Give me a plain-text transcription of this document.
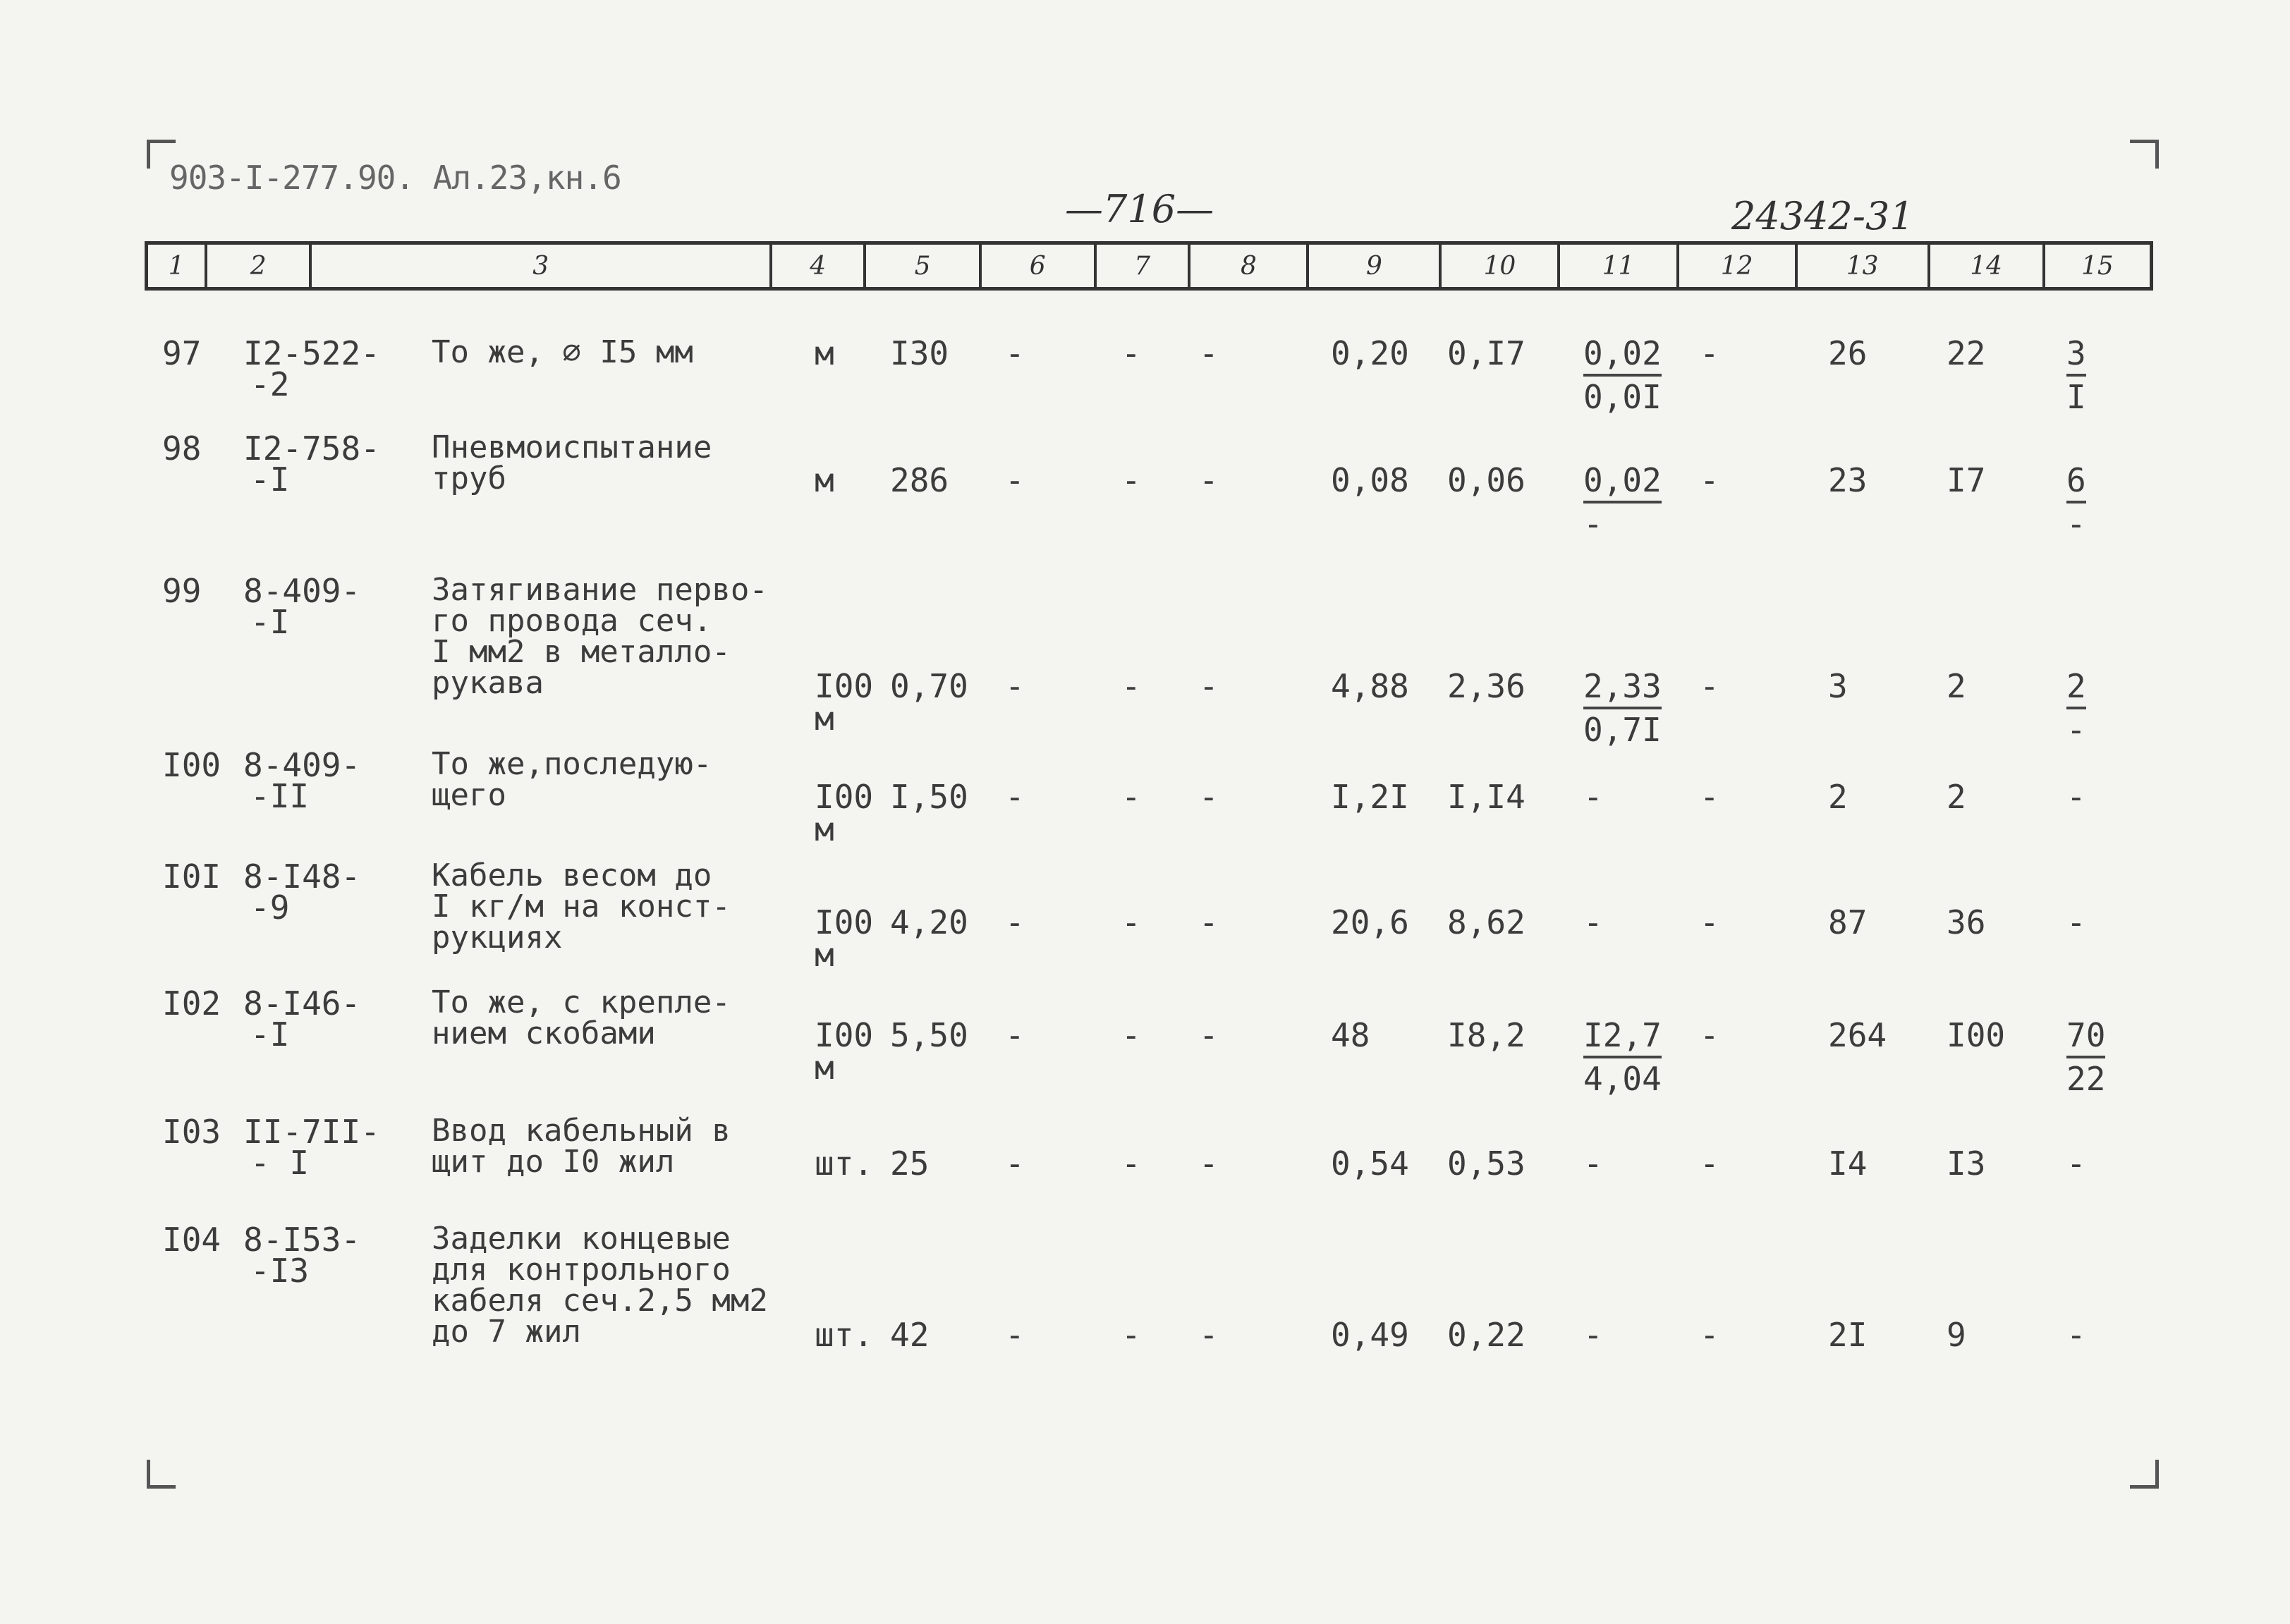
903-I-277.90. Ал.23,кн.6
—716—	24342-31
1	2	3	4	5	6	7	8	9	10	11	12	13	14	15
97 I2-522-
-2
То же, ∅ I5 мм	м I30 -	- -	0,20 0,I7 0,02
0,0I
-	26 22 3
I
98 I2-758-
-I
Пневмоиспытание
труб	м 286 -	- -	0,08 0,06 0,02
-
-	23 I7 6
-
99 8-409-
-I
Затягивание перво-
го провода сеч.
I мм2 в металло-
рукава	I00
м
0,70 -	- -	4,88 2,36 2,33
0,7I
-	3	2	2
-
I00 8-409-
-II
То же,последую-
щего	I00
м
I,50 -	- -	I,2I I,I4 -	-	2	2	-
I0I 8-I48-
-9
Кабель весом до
I кг/м на конст-
рукциях	I00
м
4,20 -	- -	20,6 8,62 -	-	87 36 -
I02 8-I46-
-I
То же, с крепле-
нием скобами	I00
м
5,50 -	- -	48 I8,2 I2,7
4,04
-	264 I00 70
22
I03 II-7II-
- I
Ввод кабельный в
щит до I0 жил	шт. 25 -	- -	0,54 0,53 -	-	I4 I3 -
I04 8-I53-
-I3
Заделки концевые
для контрольного
кабеля сеч.2,5 мм2
до 7 жил	шт. 42 -	- -	0,49 0,22 -	-	2I 9	-
